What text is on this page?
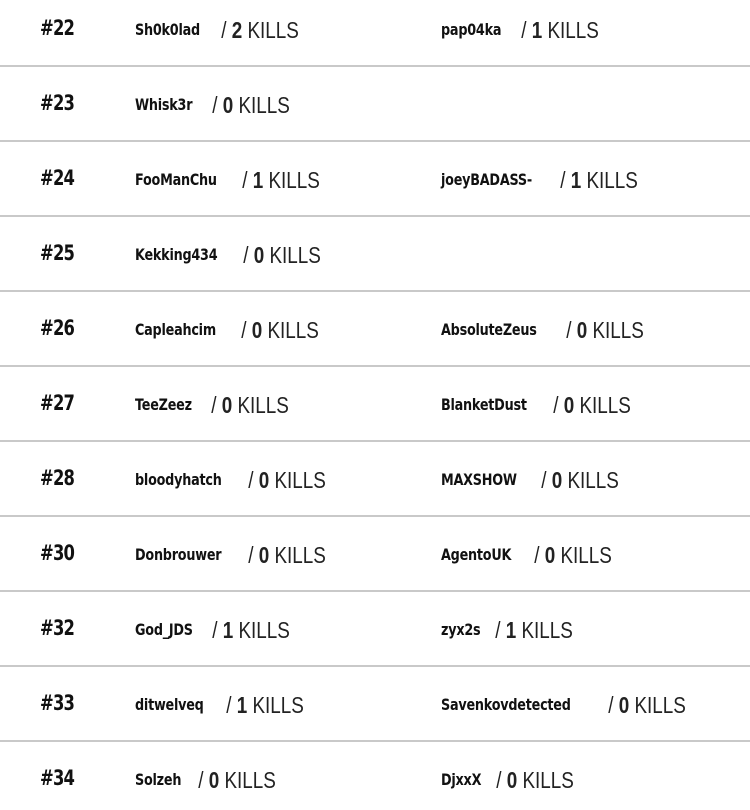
#22	Sh0k0lad / 2 KILLS	pap04ka / 1 KILLS
#23	Whisk3r / 0 KILLS
#24	FooManChu / 1 KILLS	joeyBADASS- / 1 KILLS
#25	Kekking434 / 0 KILLS
#26	Capleahcim / 0 KILLS	AbsoluteZeus / 0 KILLS
#27	TeeZeez / 0 KILLS	BlanketDust / 0 KILLS
#28	bloodyhatch / 0 KILLS	MAXSHOW / 0 KILLS
#30	Donbrouwer / 0 KILLS	AgentoUK / 0 KILLS
#32	God_JDS / 1 KILLS	zyx2s / 1 KILLS
#33	ditwelveq / 1 KILLS	Savenkovdetected / 0 KILLS
#34	Solzeh / 0 KILLS	DjxxX / 0 KILLS
